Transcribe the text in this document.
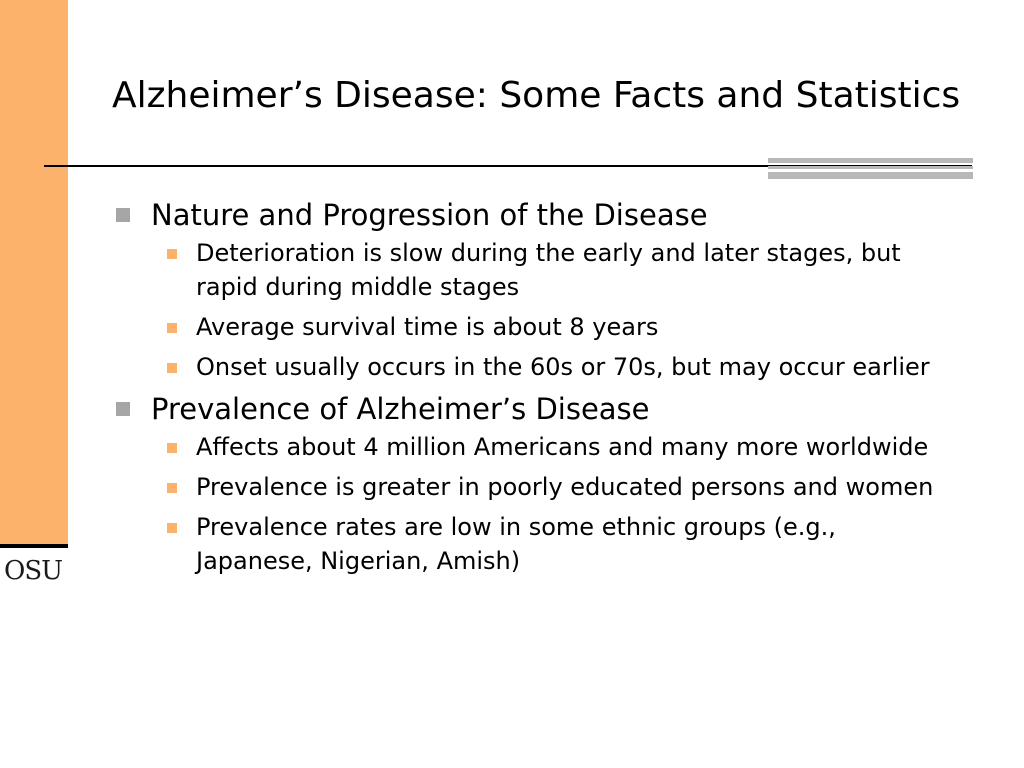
OSU
Alzheimer’s Disease: Some Facts and Statistics
Nature and Progression of the Disease
Deterioration is slow during the early and later stages, but rapid during middle stages
Average survival time is about 8 years
Onset usually occurs in the 60s or 70s, but may occur earlier
Prevalence of Alzheimer’s Disease
Affects about 4 million Americans and many more worldwide
Prevalence is greater in poorly educated persons and women
Prevalence rates are low in some ethnic groups (e.g., Japanese, Nigerian, Amish)
